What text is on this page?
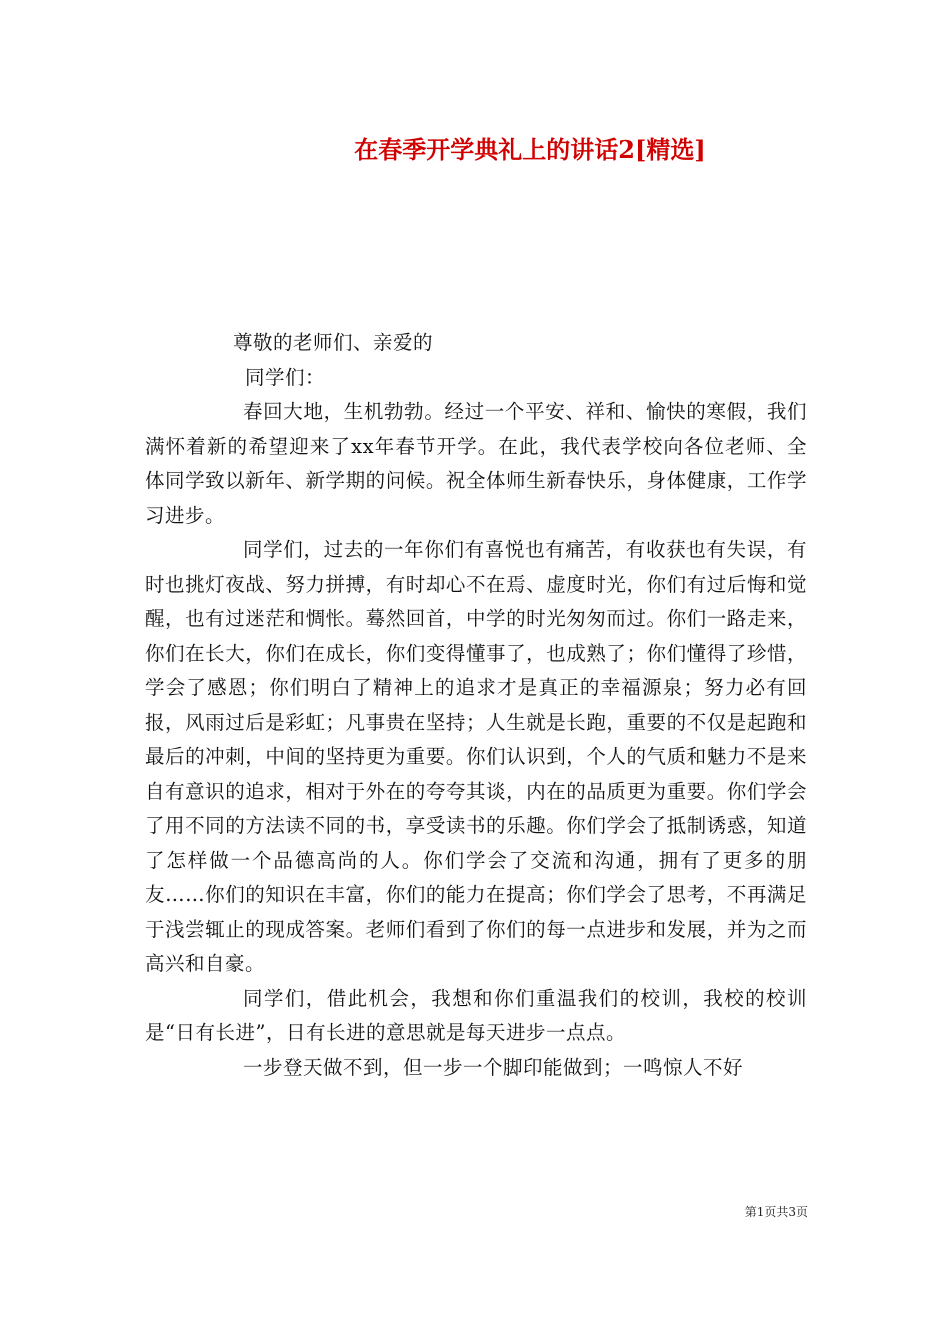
在春季开学典礼上的讲话2[精选]

尊敬的老师们、亲爱的

同学们：

春回大地，生机勃勃。经过一个平安、祥和、愉快的寒假，我们满怀着新的希望迎来了xx年春节开学。在此，我代表学校向各位老师、全体同学致以新年、新学期的问候。祝全体师生新春快乐，身体健康，工作学习进步。

同学们，过去的一年你们有喜悦也有痛苦，有收获也有失误，有时也挑灯夜战、努力拼搏，有时却心不在焉、虚度时光，你们有过后悔和觉醒，也有过迷茫和惆怅。蓦然回首，中学的时光匆匆而过。你们一路走来，你们在长大，你们在成长，你们变得懂事了，也成熟了；你们懂得了珍惜，学会了感恩；你们明白了精神上的追求才是真正的幸福源泉；努力必有回报，风雨过后是彩虹；凡事贵在坚持；人生就是长跑，重要的不仅是起跑和最后的冲刺，中间的坚持更为重要。你们认识到，个人的气质和魅力不是来自有意识的追求，相对于外在的夸夸其谈，内在的品质更为重要。你们学会了用不同的方法读不同的书，享受读书的乐趣。你们学会了抵制诱惑，知道了怎样做一个品德高尚的人。你们学会了交流和沟通，拥有了更多的朋友……你们的知识在丰富，你们的能力在提高；你们学会了思考，不再满足于浅尝辄止的现成答案。老师们看到了你们的每一点进步和发展，并为之而高兴和自豪。

同学们，借此机会，我想和你们重温我们的校训，我校的校训是“日有长进”，日有长进的意思就是每天进步一点点。

一步登天做不到，但一步一个脚印能做到；一鸣惊人不好

第1页共3页
